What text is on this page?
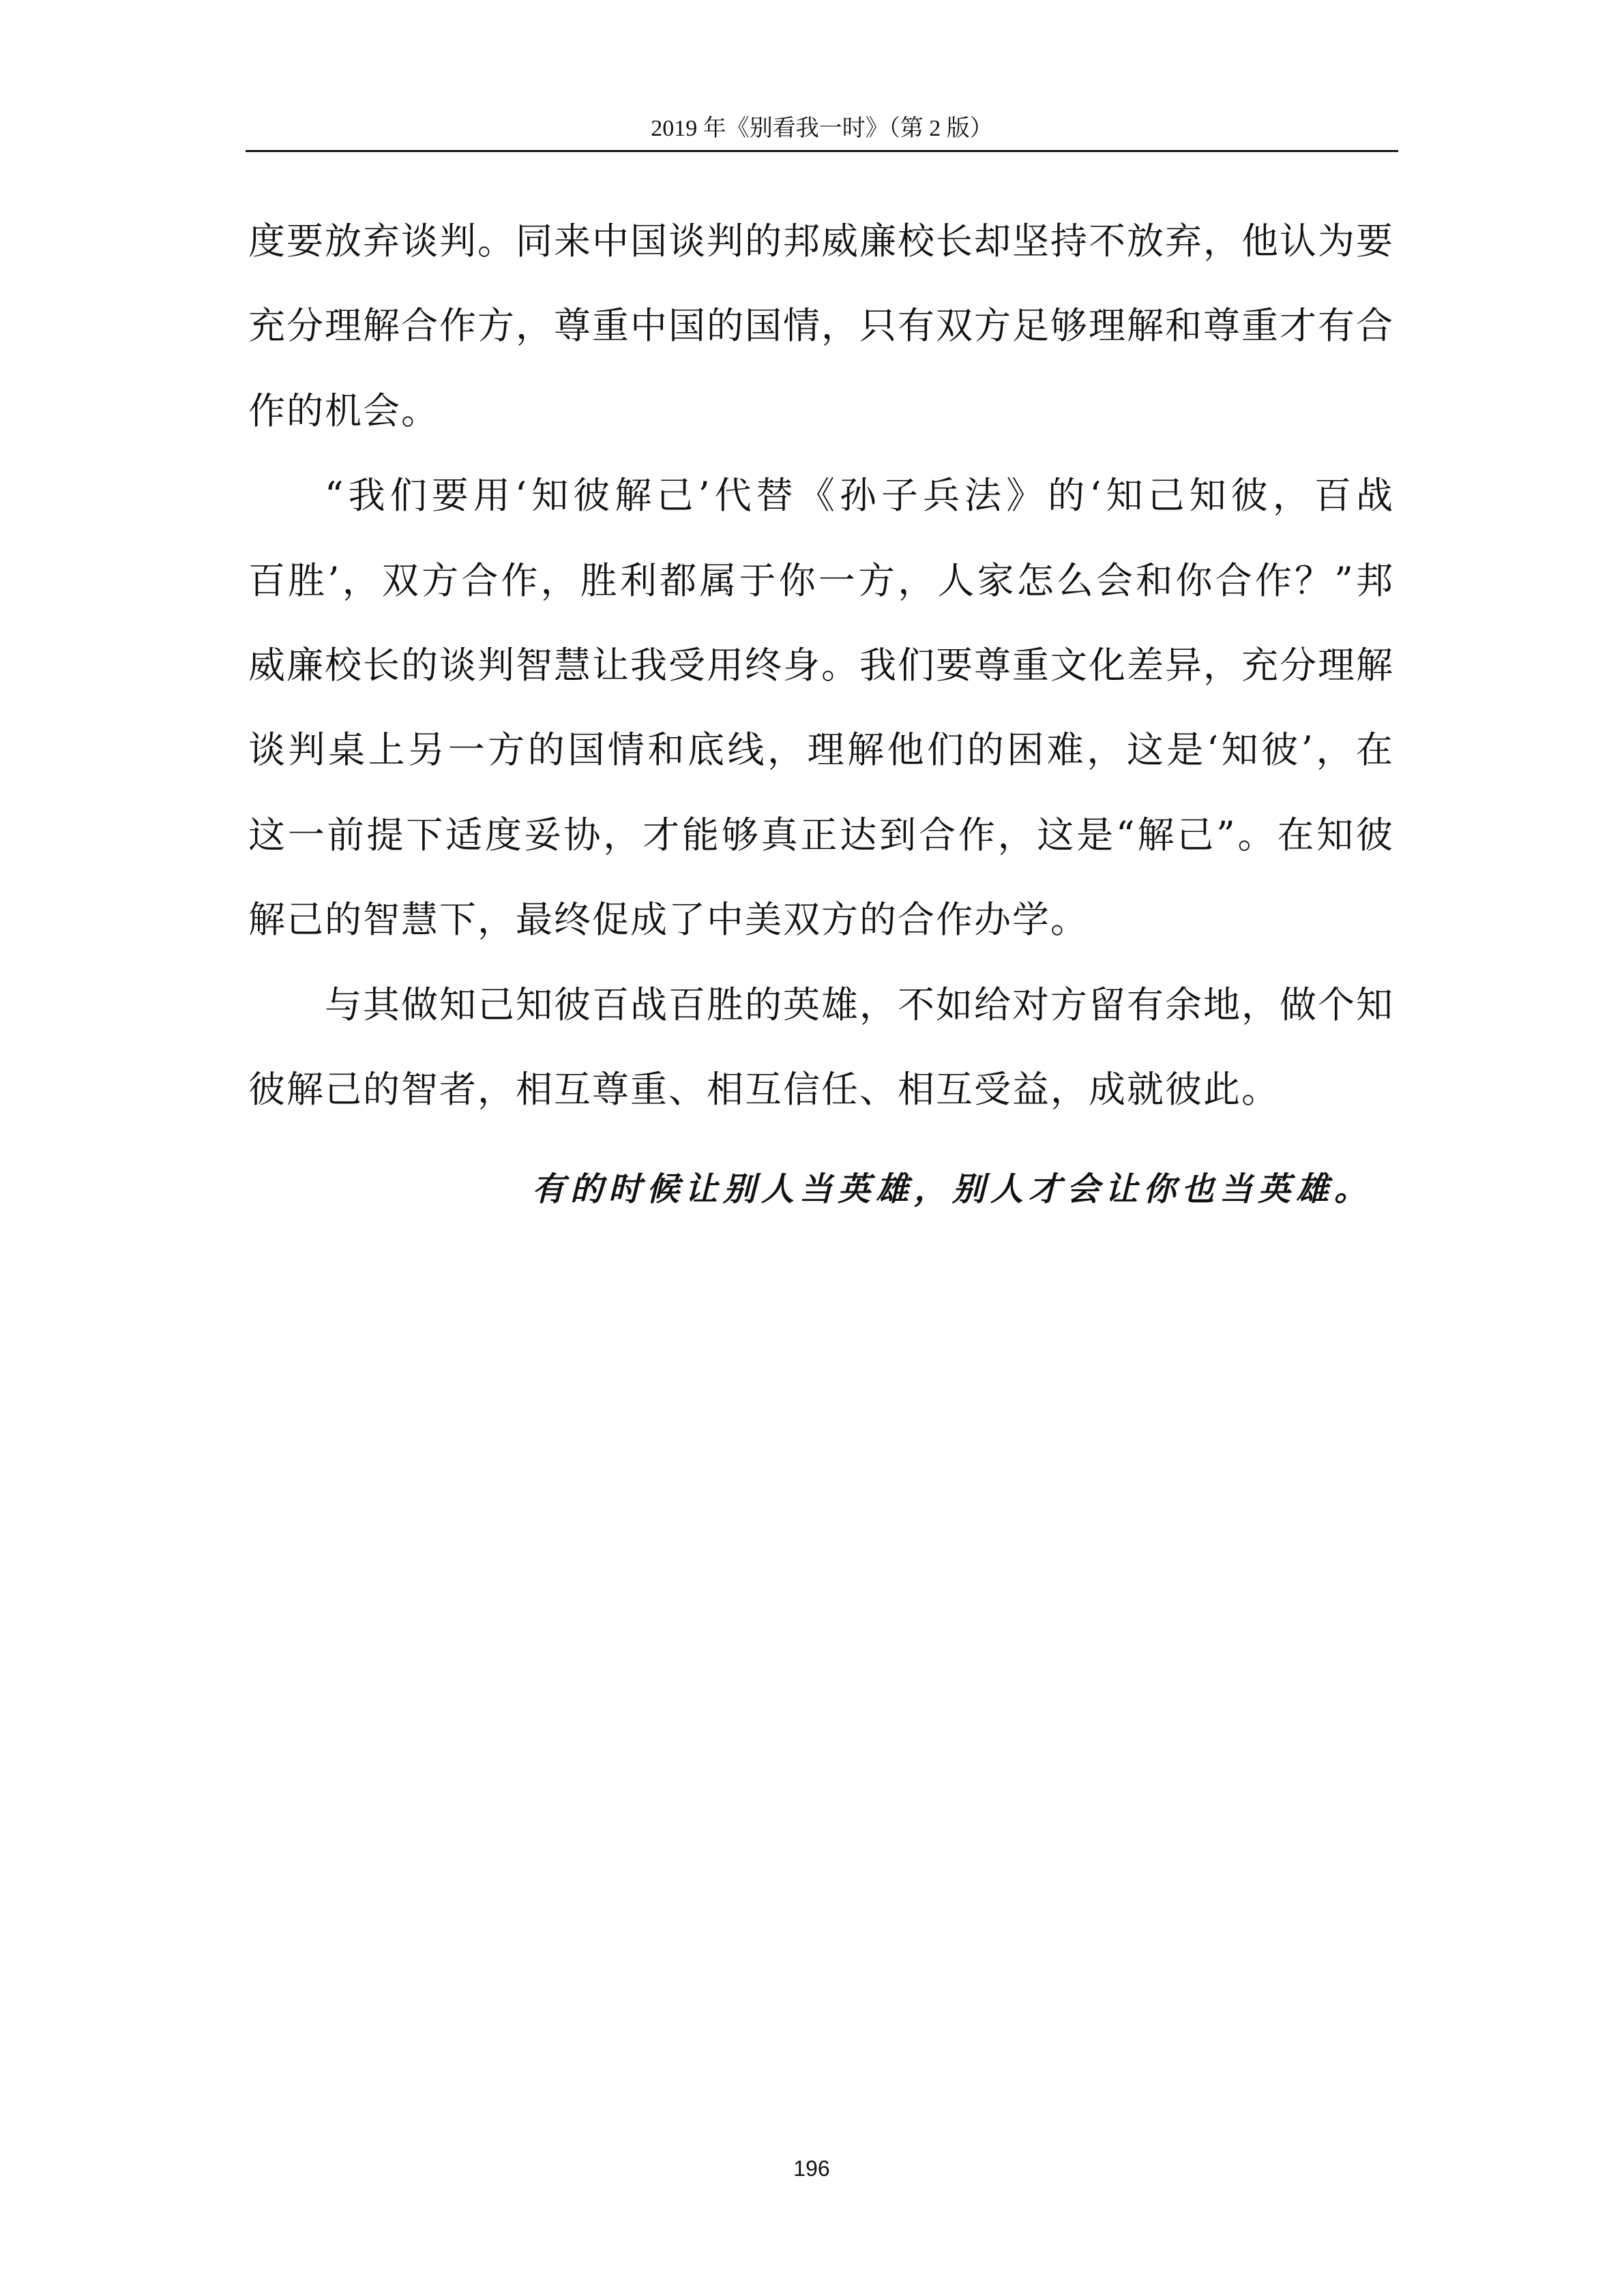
2019 年《别看我一时》（第 2 版）

度要放弃谈判。同来中国谈判的邦威廉校长却坚持不放弃，他认为要
充分理解合作方，尊重中国的国情，只有双方足够理解和尊重才有合
作的机会。

“我们要用‘知彼解己’代替《孙子兵法》的‘知己知彼，百战
百胜’，双方合作，胜利都属于你一方，人家怎么会和你合作？”邦
威廉校长的谈判智慧让我受用终身。我们要尊重文化差异，充分理解
谈判桌上另一方的国情和底线，理解他们的困难，这是‘知彼’，在
这一前提下适度妥协，才能够真正达到合作，这是“解己”。在知彼
解己的智慧下，最终促成了中美双方的合作办学。

与其做知己知彼百战百胜的英雄，不如给对方留有余地，做个知
彼解己的智者，相互尊重、相互信任、相互受益，成就彼此。

有的时候让别人当英雄，别人才会让你也当英雄。
196
